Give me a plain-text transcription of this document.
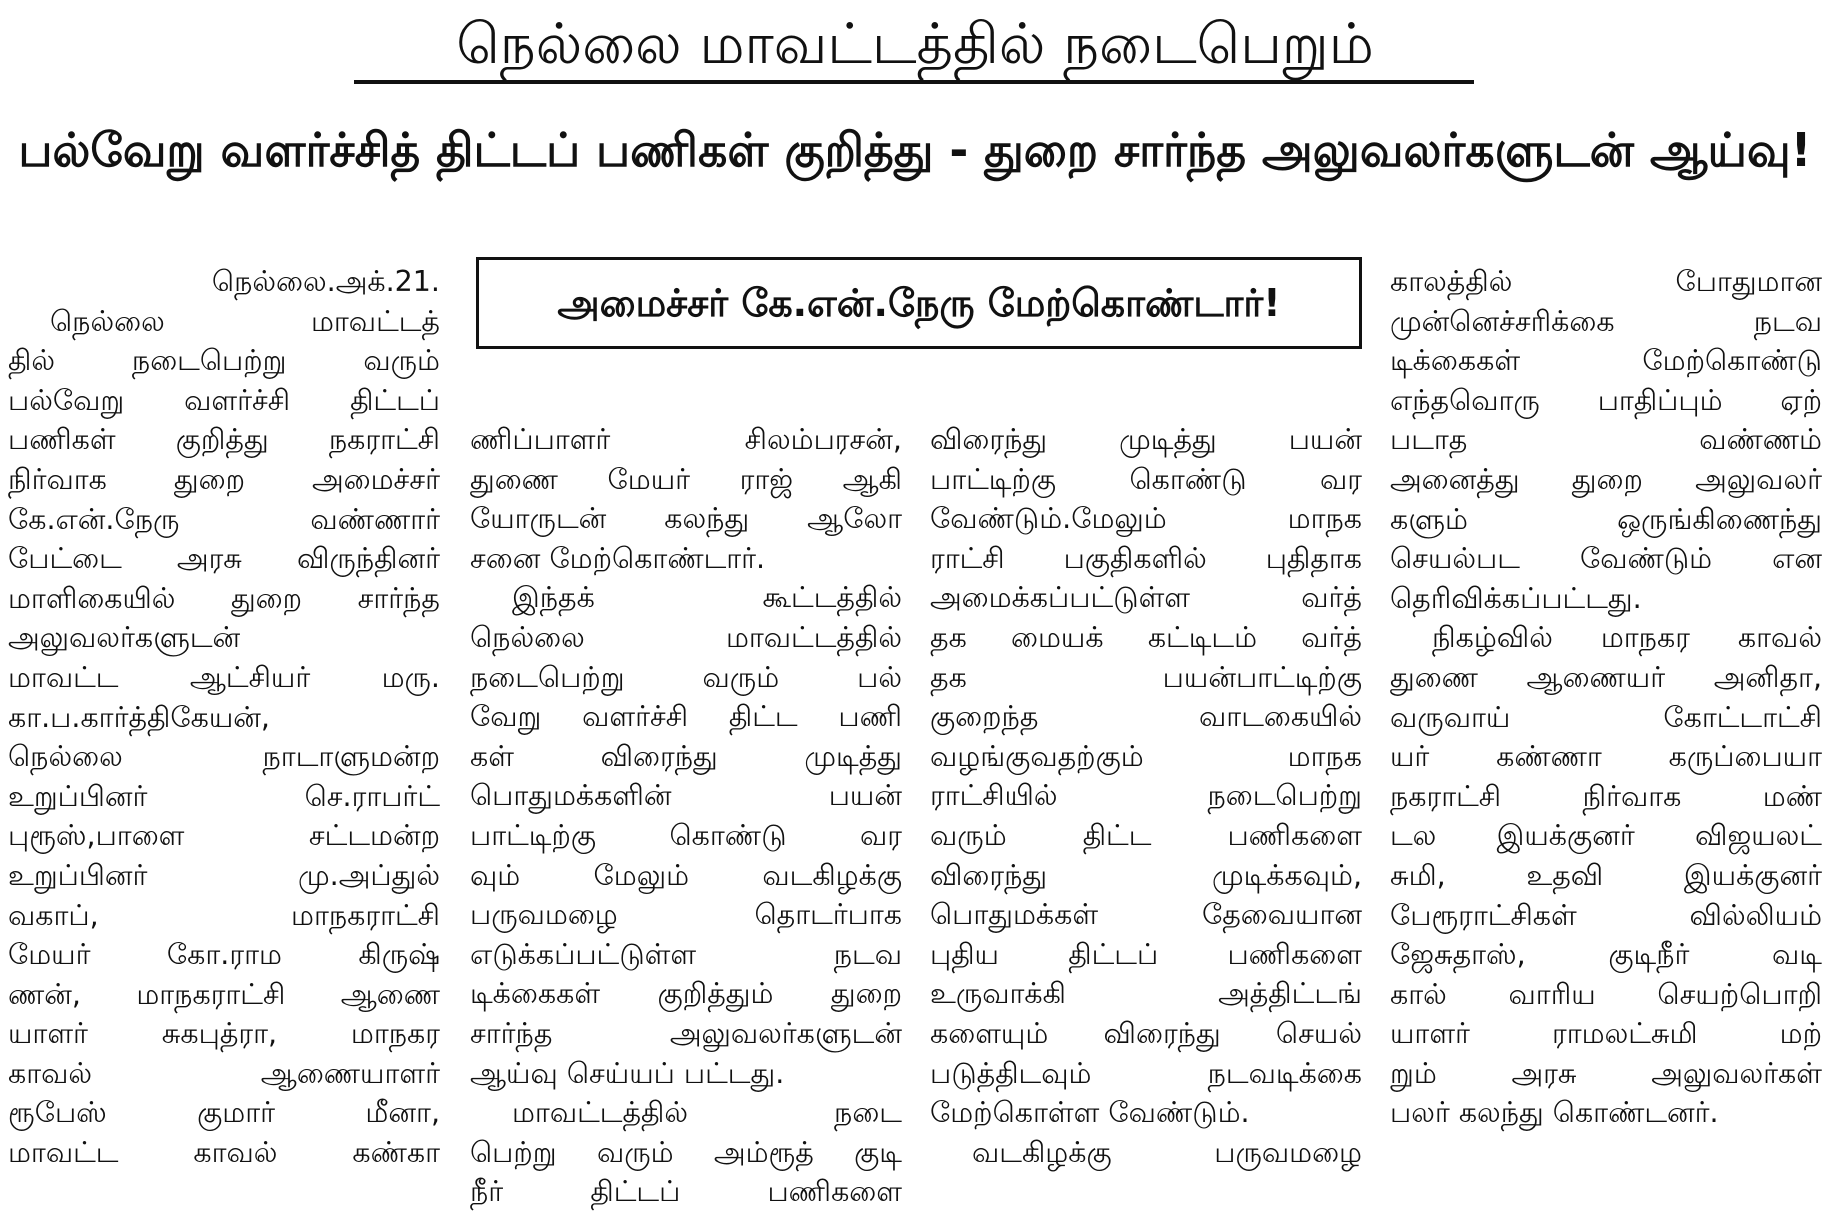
நெல்லை மாவட்டத்தில் நடைபெறும்
பல்வேறு வளர்ச்சித் திட்டப் பணிகள் குறித்து - துறை சார்ந்த அலுவலர்களுடன் ஆய்வு!
அமைச்சர் கே.என்.நேரு மேற்கொண்டார்!
நெல்லை.அக்.21.
நெல்லை மாவட்டத்
தில் நடைபெற்று வரும்
பல்வேறு வளர்ச்சி திட்டப்
பணிகள் குறித்து நகராட்சி
நிர்வாக துறை அமைச்சர்
கே.என்.நேரு வண்ணார்
பேட்டை அரசு விருந்தினர்
மாளிகையில் துறை சார்ந்த
அலுவலர்களுடன்
மாவட்ட ஆட்சியர் மரு.
கா.ப.கார்த்திகேயன்,
நெல்லை நாடாளுமன்ற
உறுப்பினர் செ.ராபர்ட்
புரூஸ்,பாளை சட்டமன்ற
உறுப்பினர் மு.அப்துல்
வகாப், மாநகராட்சி
மேயர் கோ.ராம கிருஷ்
ணன், மாநகராட்சி ஆணை
யாளர் சுகபுத்ரா, மாநகர
காவல் ஆணையாளர்
ரூபேஸ் குமார் மீனா,
மாவட்ட காவல் கண்கா
ணிப்பாளர் சிலம்பரசன்,
துணை மேயர் ராஜ் ஆகி
யோருடன் கலந்து ஆலோ
சனை மேற்கொண்டார்.
இந்தக் கூட்டத்தில்
நெல்லை மாவட்டத்தில்
நடைபெற்று வரும் பல்
வேறு வளர்ச்சி திட்ட பணி
கள் விரைந்து முடித்து
பொதுமக்களின் பயன்
பாட்டிற்கு கொண்டு வர
வும் மேலும் வடகிழக்கு
பருவமழை தொடர்பாக
எடுக்கப்பட்டுள்ள நடவ
டிக்கைகள் குறித்தும் துறை
சார்ந்த அலுவலர்களுடன்
ஆய்வு செய்யப் பட்டது.
மாவட்டத்தில் நடை
பெற்று வரும் அம்ரூத் குடி
நீர் திட்டப் பணிகளை
விரைந்து முடித்து பயன்
பாட்டிற்கு கொண்டு வர
வேண்டும்.மேலும் மாநக
ராட்சி பகுதிகளில் புதிதாக
அமைக்கப்பட்டுள்ள வர்த்
தக மையக் கட்டிடம் வர்த்
தக பயன்பாட்டிற்கு
குறைந்த வாடகையில்
வழங்குவதற்கும் மாநக
ராட்சியில் நடைபெற்று
வரும் திட்ட பணிகளை
விரைந்து முடிக்கவும்,
பொதுமக்கள் தேவையான
புதிய திட்டப் பணிகளை
உருவாக்கி அத்திட்டங்
களையும் விரைந்து செயல்
படுத்திடவும் நடவடிக்கை
மேற்கொள்ள வேண்டும்.
வடகிழக்கு பருவமழை
காலத்தில் போதுமான
முன்னெச்சரிக்கை நடவ
டிக்கைகள் மேற்கொண்டு
எந்தவொரு பாதிப்பும் ஏற்
படாத வண்ணம்
அனைத்து துறை அலுவலர்
களும் ஒருங்கிணைந்து
செயல்பட வேண்டும் என
தெரிவிக்கப்பட்டது.
நிகழ்வில் மாநகர காவல்
துணை ஆணையர் அனிதா,
வருவாய் கோட்டாட்சி
யர் கண்ணா கருப்பையா
நகராட்சி நிர்வாக மண்
டல இயக்குனர் விஜயலட்
சுமி, உதவி இயக்குனர்
பேரூராட்சிகள் வில்லியம்
ஜேசுதாஸ், குடிநீர் வடி
கால் வாரிய செயற்பொறி
யாளர் ராமலட்சுமி மற்
றும் அரசு அலுவலர்கள்
பலர் கலந்து கொண்டனர்.
